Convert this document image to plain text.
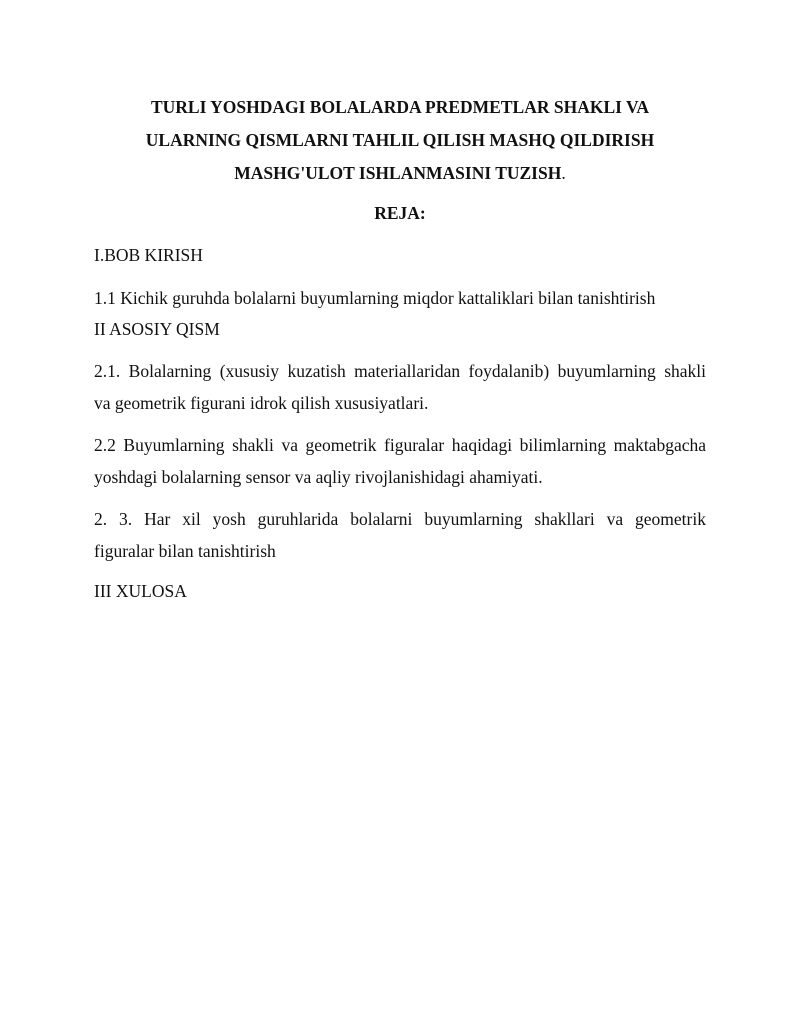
TURLI YOSHDAGI BOLALARDA PREDMETLAR SHAKLI VA
ULARNING QISMLARNI TAHLIL QILISH MASHQ QILDIRISH
MASHG'ULOT ISHLANMASINI TUZISH.
REJA:
I.BOB KIRISH
1.1 Kichik guruhda bolalarni buyumlarning miqdor kattaliklari bilan tanishtirish
II ASOSIY QISM
2.1. Bolalarning (xususiy kuzatish materiallaridan foydalanib) buyumlarning shakli
va geometrik figurani idrok qilish xususiyatlari.
2.2 Buyumlarning shakli va geometrik figuralar haqidagi bilimlarning maktabgacha
yoshdagi bolalarning sensor va aqliy rivojlanishidagi ahamiyati.
2. 3. Har xil yosh guruhlarida bolalarni buyumlarning shakllari va geometrik
figuralar bilan tanishtirish
III XULOSA
